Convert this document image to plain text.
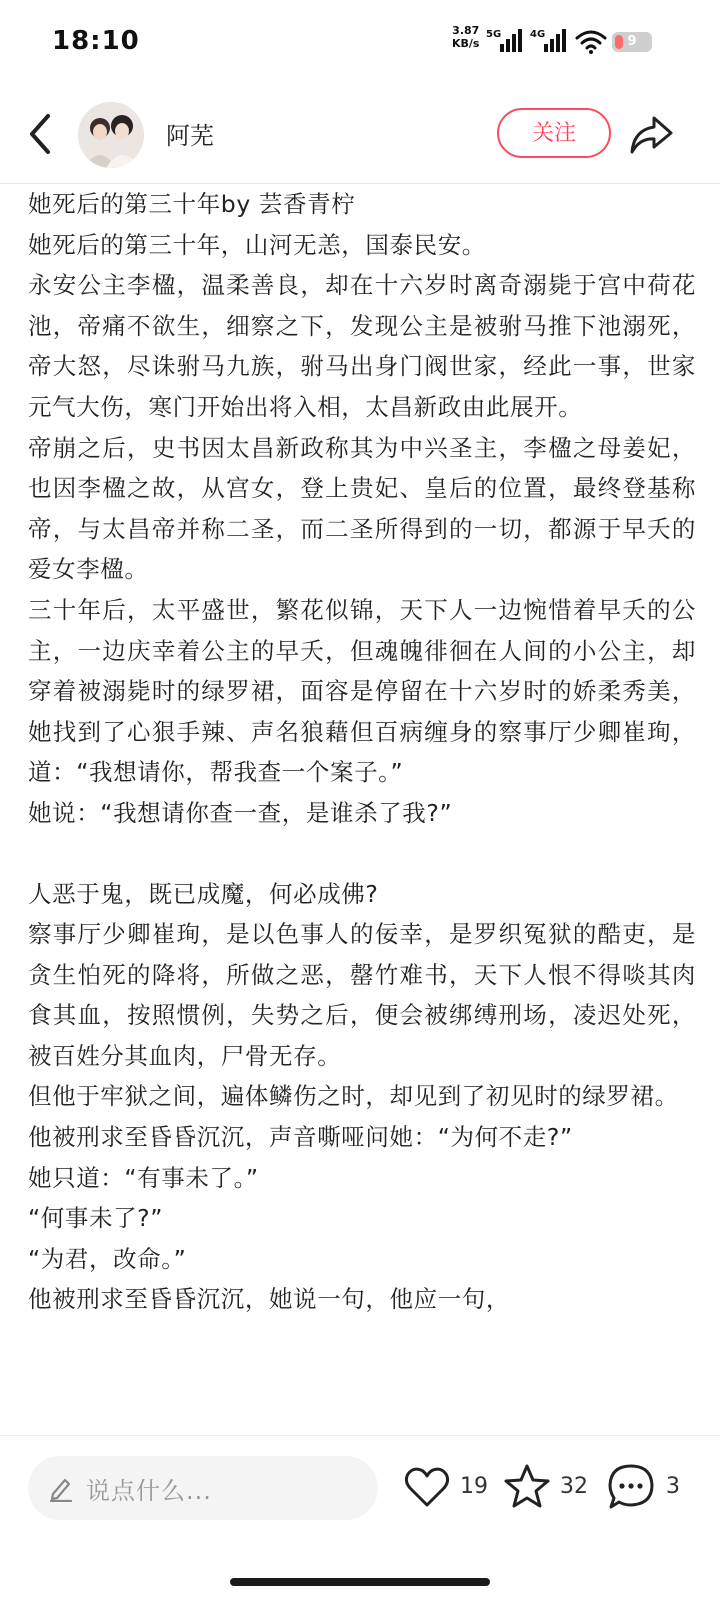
18:10	3.87
KB/s
5G	4G	9
阿芜	关注

她死后的第三十年by 芸香青柠

她死后的第三十年，山河无恙，国泰民安。

永安公主李楹，温柔善良，却在十六岁时离奇溺毙于宫中荷花池，帝痛不欲生，细察之下，发现公主是被驸马推下池溺死，帝大怒，尽诛驸马九族，驸马出身门阀世家，经此一事，世家元气大伤，寒门开始出将入相，太昌新政由此展开。

帝崩之后，史书因太昌新政称其为中兴圣主，李楹之母姜妃，也因李楹之故，从宫女，登上贵妃、皇后的位置，最终登基称帝，与太昌帝并称二圣，而二圣所得到的一切，都源于早夭的爱女李楹。

三十年后，太平盛世，繁花似锦，天下人一边惋惜着早夭的公主，一边庆幸着公主的早夭，但魂魄徘徊在人间的小公主，却穿着被溺毙时的绿罗裙，面容是停留在十六岁时的娇柔秀美，她找到了心狠手辣、声名狼藉但百病缠身的察事厅少卿崔珣，道：“我想请你，帮我查一个案子。”

她说：“我想请你查一查，是谁杀了我?”

人恶于鬼，既已成魔，何必成佛?

察事厅少卿崔珣，是以色事人的佞幸，是罗织冤狱的酷吏，是贪生怕死的降将，所做之恶，罄竹难书，天下人恨不得啖其肉食其血，按照惯例，失势之后，便会被绑缚刑场，凌迟处死，被百姓分其血肉，尸骨无存。

但他于牢狱之间，遍体鳞伤之时，却见到了初见时的绿罗裙。

他被刑求至昏昏沉沉，声音嘶哑问她：“为何不走?”

她只道：“有事未了。”

“何事未了?”

“为君，改命。”

他被刑求至昏昏沉沉，她说一句，他应一句，

说点什么...	19	32	3
